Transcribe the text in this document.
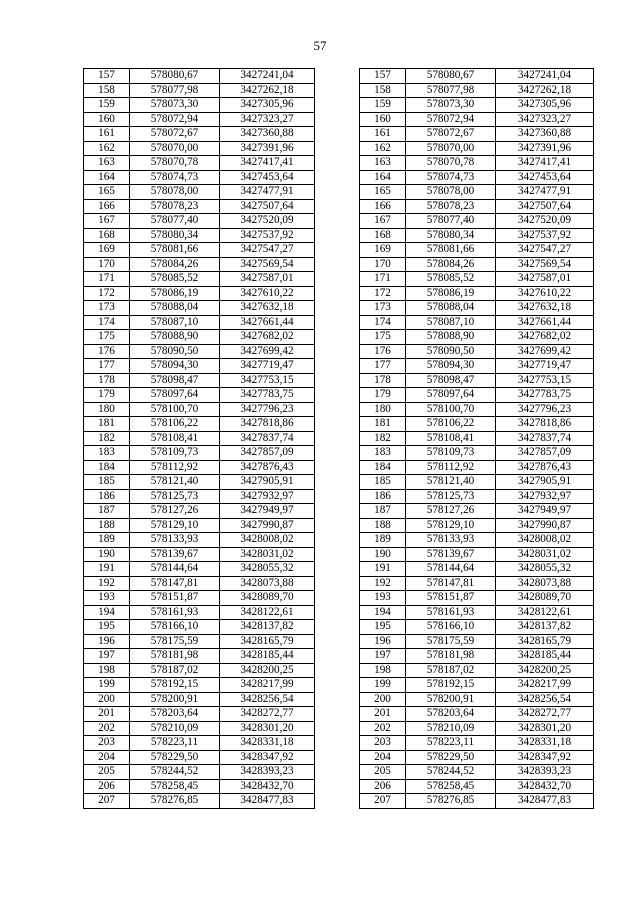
57
157	578080,67	3427241,04		157	578080,67	3427241,04
158	578077,98	3427262,18		158	578077,98	3427262,18
159	578073,30	3427305,96		159	578073,30	3427305,96
160	578072,94	3427323,27		160	578072,94	3427323,27
161	578072,67	3427360,88		161	578072,67	3427360,88
162	578070,00	3427391,96		162	578070,00	3427391,96
163	578070,78	3427417,41		163	578070,78	3427417,41
164	578074,73	3427453,64		164	578074,73	3427453,64
165	578078,00	3427477,91		165	578078,00	3427477,91
166	578078,23	3427507,64		166	578078,23	3427507,64
167	578077,40	3427520,09		167	578077,40	3427520,09
168	578080,34	3427537,92		168	578080,34	3427537,92
169	578081,66	3427547,27		169	578081,66	3427547,27
170	578084,26	3427569,54		170	578084,26	3427569,54
171	578085,52	3427587,01		171	578085,52	3427587,01
172	578086,19	3427610,22		172	578086,19	3427610,22
173	578088,04	3427632,18		173	578088,04	3427632,18
174	578087,10	3427661,44		174	578087,10	3427661,44
175	578088,90	3427682,02		175	578088,90	3427682,02
176	578090,50	3427699,42		176	578090,50	3427699,42
177	578094,30	3427719,47		177	578094,30	3427719,47
178	578098,47	3427753,15		178	578098,47	3427753,15
179	578097,64	3427783,75		179	578097,64	3427783,75
180	578100,70	3427796,23		180	578100,70	3427796,23
181	578106,22	3427818,86		181	578106,22	3427818,86
182	578108,41	3427837,74		182	578108,41	3427837,74
183	578109,73	3427857,09		183	578109,73	3427857,09
184	578112,92	3427876,43		184	578112,92	3427876,43
185	578121,40	3427905,91		185	578121,40	3427905,91
186	578125,73	3427932,97		186	578125,73	3427932,97
187	578127,26	3427949,97		187	578127,26	3427949,97
188	578129,10	3427990,87		188	578129,10	3427990,87
189	578133,93	3428008,02		189	578133,93	3428008,02
190	578139,67	3428031,02		190	578139,67	3428031,02
191	578144,64	3428055,32		191	578144,64	3428055,32
192	578147,81	3428073,88		192	578147,81	3428073,88
193	578151,87	3428089,70		193	578151,87	3428089,70
194	578161,93	3428122,61		194	578161,93	3428122,61
195	578166,10	3428137,82		195	578166,10	3428137,82
196	578175,59	3428165,79		196	578175,59	3428165,79
197	578181,98	3428185,44		197	578181,98	3428185,44
198	578187,02	3428200,25		198	578187,02	3428200,25
199	578192,15	3428217,99		199	578192,15	3428217,99
200	578200,91	3428256,54		200	578200,91	3428256,54
201	578203,64	3428272,77		201	578203,64	3428272,77
202	578210,09	3428301,20		202	578210,09	3428301,20
203	578223,11	3428331,18		203	578223,11	3428331,18
204	578229,50	3428347,92		204	578229,50	3428347,92
205	578244,52	3428393,23		205	578244,52	3428393,23
206	578258,45	3428432,70		206	578258,45	3428432,70
207	578276,85	3428477,83		207	578276,85	3428477,83
